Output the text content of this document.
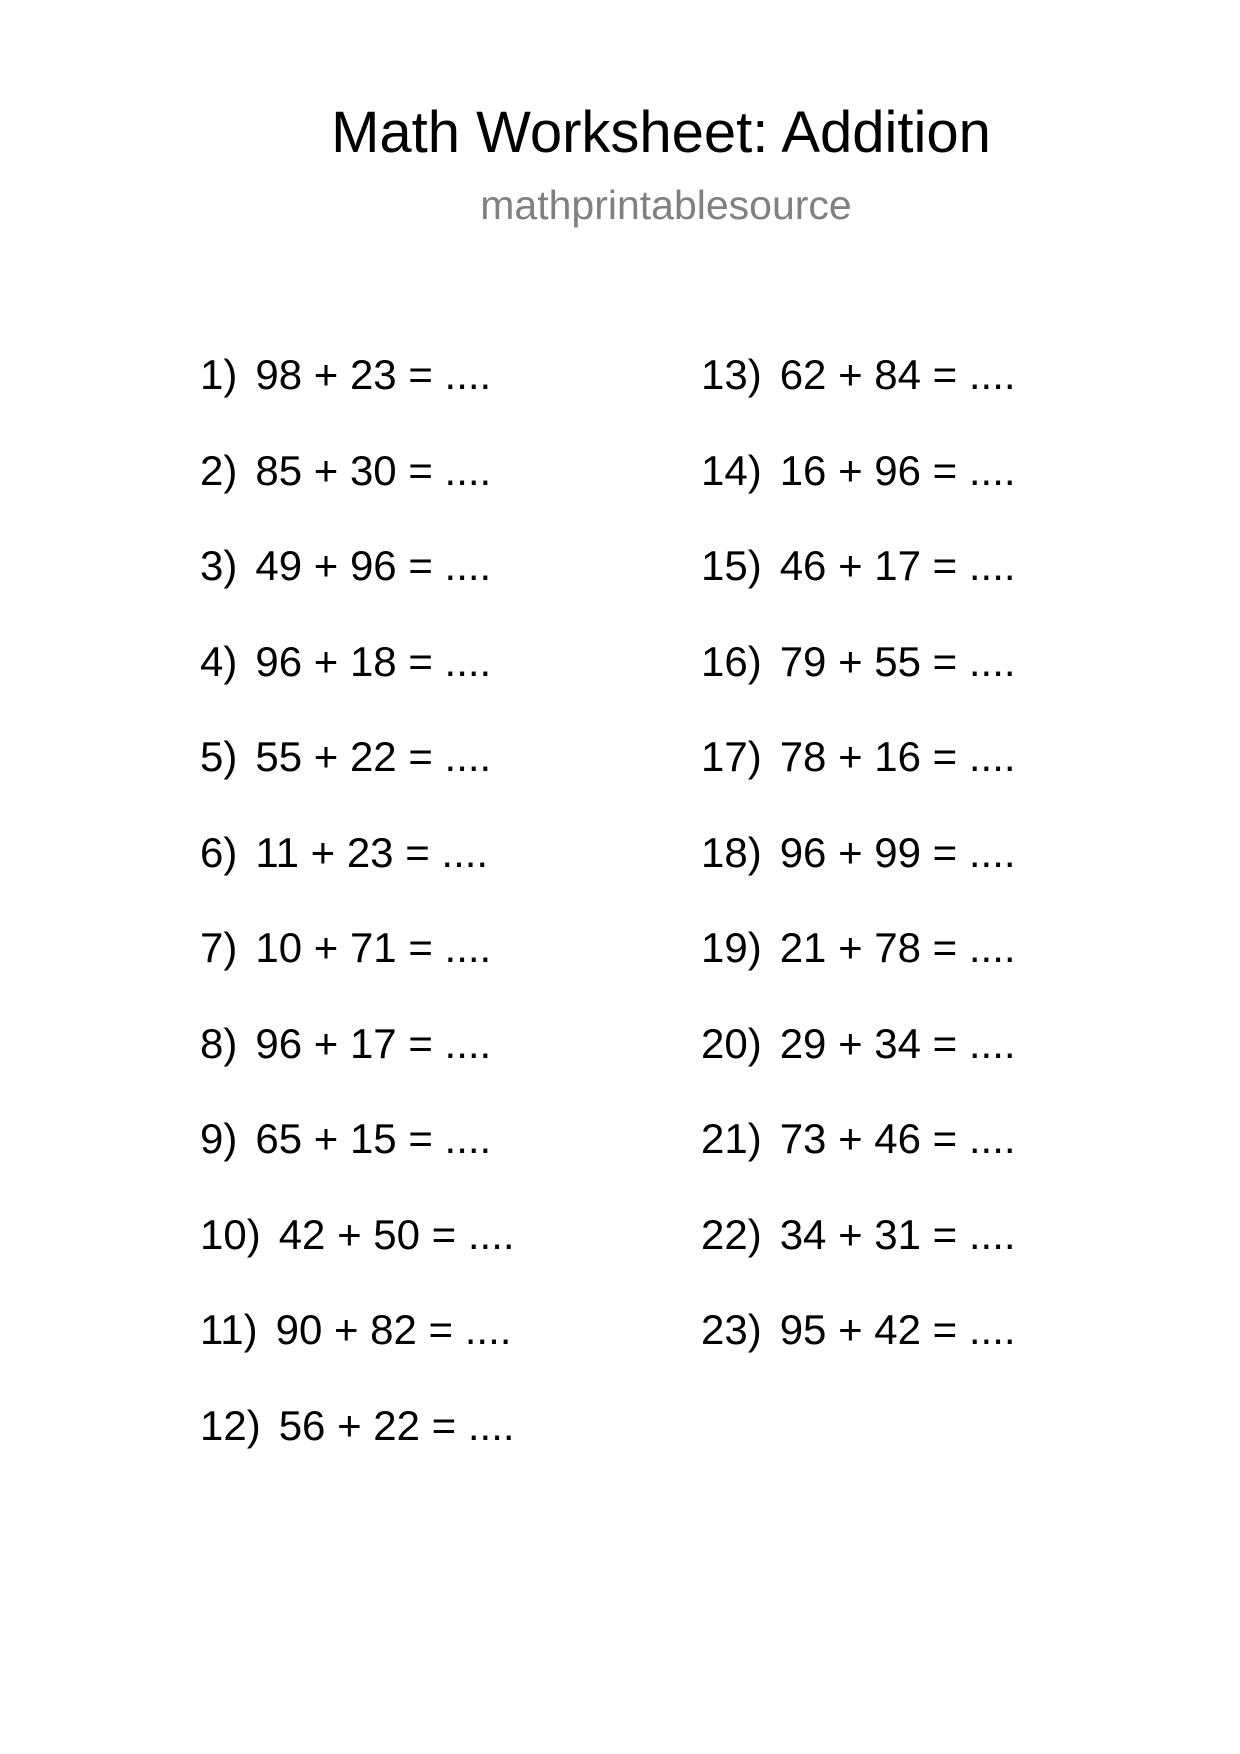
Math Worksheet: Addition
mathprintablesource
1) 98 + 23 = ....
2) 85 + 30 = ....
3) 49 + 96 = ....
4) 96 + 18 = ....
5) 55 + 22 = ....
6) 11 + 23 = ....
7) 10 + 71 = ....
8) 96 + 17 = ....
9) 65 + 15 = ....
10) 42 + 50 = ....
11) 90 + 82 = ....
12) 56 + 22 = ....
13) 62 + 84 = ....
14) 16 + 96 = ....
15) 46 + 17 = ....
16) 79 + 55 = ....
17) 78 + 16 = ....
18) 96 + 99 = ....
19) 21 + 78 = ....
20) 29 + 34 = ....
21) 73 + 46 = ....
22) 34 + 31 = ....
23) 95 + 42 = ....
